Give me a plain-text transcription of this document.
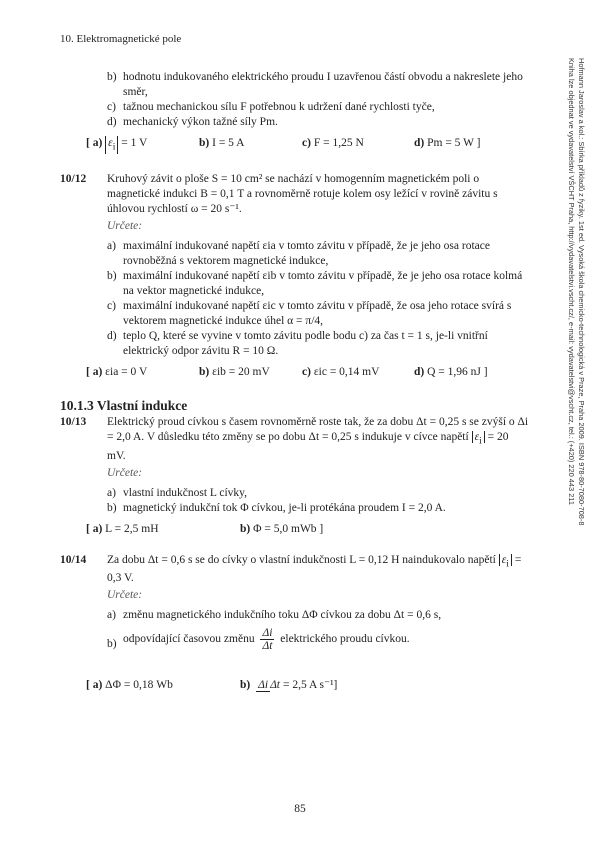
10. Elektromagnetické pole
Hofmann Jaroslav a kol.: Sbírka příkladů z fyziky. 1st ed. Vysoká škola chemicko-technologická v Praze, Praha 2009. ISBN 978-80-7080-708-8
Kniha lze objednat ve vydavatelství VŠCHT Praha, http://vydavatelstvi.vscht.cz/, e-mail: vydavatelstvi@vscht.cz, tel.: (+420) 220 443 211
b) hodnotu indukovaného elektrického proudu I uzavřenou částí obvodu a nakreslete jeho směr,
c) tažnou mechanickou sílu F potřebnou k udržení dané rychlosti tyče,
d) mechanický výkon tažné síly Pm.
[ a) $\varepsilon_i = 1$ V	b) I = 5 A	c) F = 1,25 N	d) Pm = 5 W ]
10/12 Kruhový závit o ploše S = 10 cm² se nachází v homogenním magnetickém poli o magnetické indukci B = 0,1 T a rovnoměrně rotuje kolem osy ležící v rovině závitu s úhlovou rychlostí ω = 20 s⁻¹.
Určete:
a) maximální indukované napětí εia v tomto závitu v případě, že je jeho osa rotace rovnoběžná s vektorem magnetické indukce,
b) maximální indukované napětí εib v tomto závitu v případě, že je jeho osa rotace kolmá na vektor magnetické indukce,
c) maximální indukované napětí εic v tomto závitu v případě, že osa jeho rotace svírá s vektorem magnetické indukce úhel α = π/4,
d) teplo Q, které se vyvine v tomto závitu podle bodu c) za čas t = 1 s, je-li vnitřní elektrický odpor závitu R = 10 Ω.
[ a) εia = 0 V	b) εib = 20 mV	c) εic = 0,14 mV	d) Q = 1,96 nJ ]
10.1.3 Vlastní indukce
10/13 Elektrický proud cívkou s časem rovnoměrně roste tak, že za dobu Δt = 0,25 s se zvýší o Δi = 2,0 A. V důsledku této změny se po dobu Δt = 0,25 s indukuje v cívce napětí $\varepsilon_i = 20$ mV.
Určete:
a) vlastní indukčnost L cívky,
b) magnetický indukční tok Φ cívkou, je-li protékána proudem I = 2,0 A.
[ a) L = 2,5 mH	b) Φ = 5,0 mWb ]
10/14 Za dobu Δt = 0,6 s se do cívky o vlastní indukčnosti L = 0,12 H naindukovalo napětí $\varepsilon_i = 0,3$ V.
Určete:
a) změnu magnetického indukčního toku ΔΦ cívkou za dobu Δt = 0,6 s,
b) odpovídající časovou změnu $\frac{\Delta i}{\Delta t}$ elektrického proudu cívkou.
[ a) ΔΦ = 0,18 Wb	b) Δi Δt = 2,5 A s⁻¹]
85
